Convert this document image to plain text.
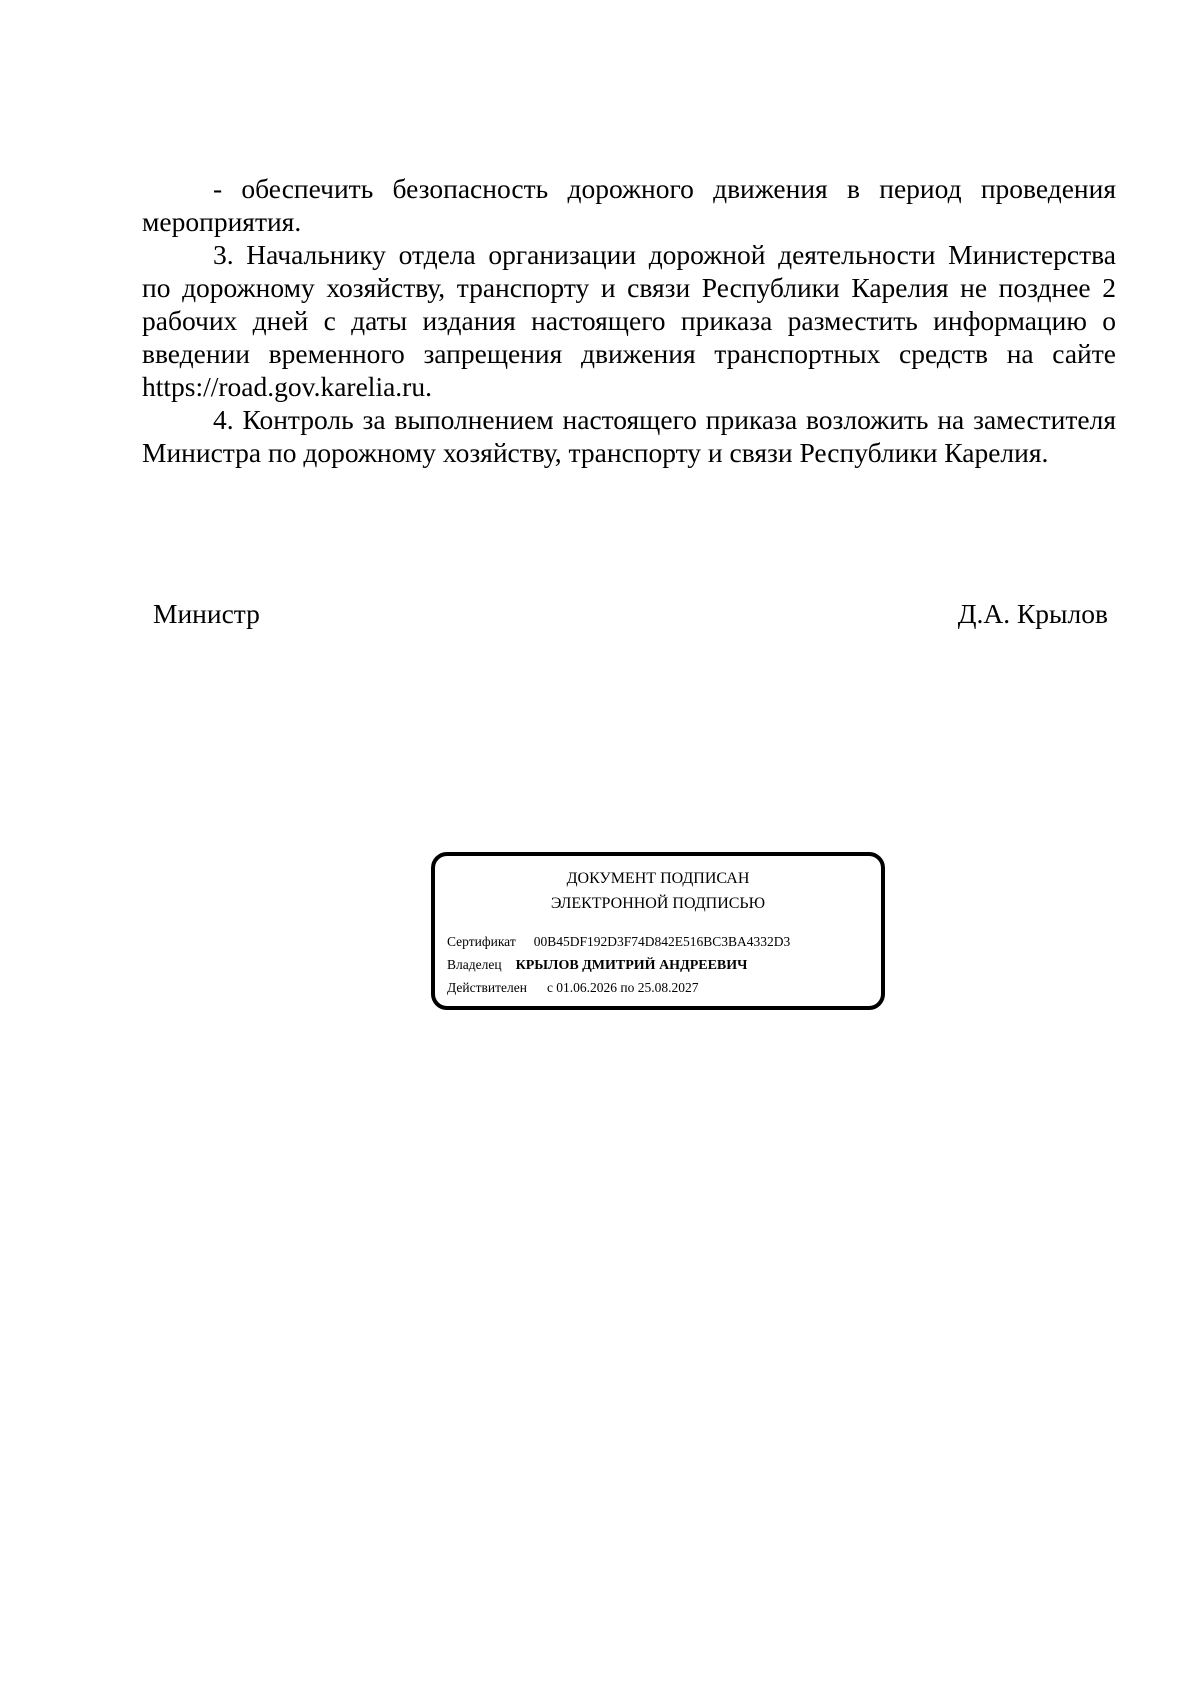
- обеспечить безопасность дорожного движения в период проведения мероприятия.

3. Начальнику отдела организации дорожной деятельности Министерства по дорожному хозяйству, транспорту и связи Республики Карелия не позднее 2 рабочих дней с даты издания настоящего приказа разместить информацию о введении временного запрещения движения транспортных средств на сайте https://road.gov.karelia.ru.

4. Контроль за выполнением настоящего приказа возложить на заместителя Министра по дорожному хозяйству, транспорту и связи Республики Карелия.

Министр	Д.А. Крылов
ДОКУМЕНТ ПОДПИСАН
ЭЛЕКТРОННОЙ ПОДПИСЬЮ
Сертификат 00B45DF192D3F74D842E516BC3BA4332D3
Владелец КРЫЛОВ ДМИТРИЙ АНДРЕЕВИЧ
Действителен с 01.06.2026 по 25.08.2027
